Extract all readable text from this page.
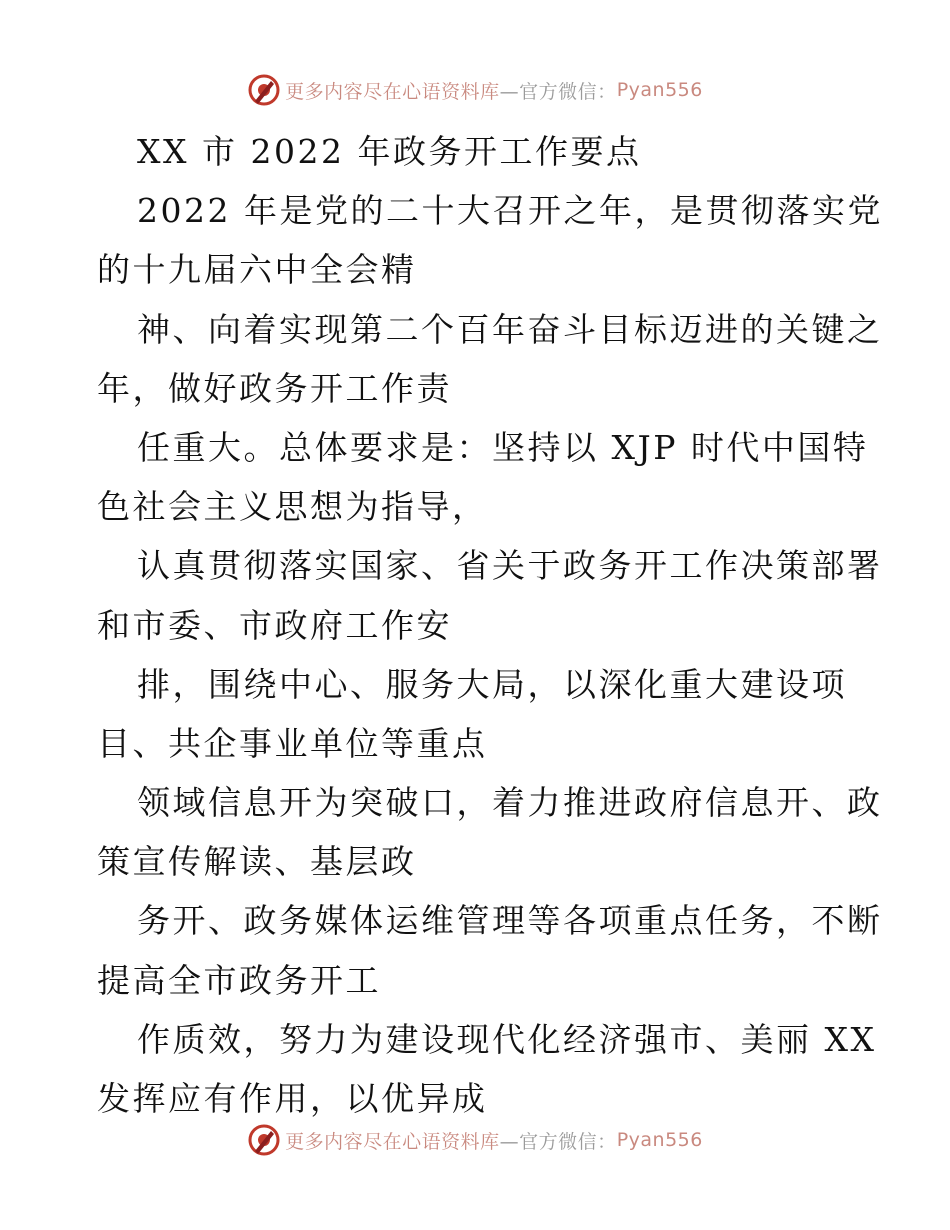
更多内容尽在心语资料库 —官方微信： Pyan556
XX 市 2022 年政务开工作要点
2022 年是党的二十大召开之年，是贯彻落实党
的十九届六中全会精
神、向着实现第二个百年奋斗目标迈进的关键之
年，做好政务开工作责
任重大。总体要求是：坚持以 XJP 时代中国特
色社会主义思想为指导，
认真贯彻落实国家、省关于政务开工作决策部署
和市委、市政府工作安
排，围绕中心、服务大局，以深化重大建设项
目、共企事业单位等重点
领域信息开为突破口，着力推进政府信息开、政
策宣传解读、基层政
务开、政务媒体运维管理等各项重点任务，不断
提高全市政务开工
作质效，努力为建设现代化经济强市、美丽 XX
发挥应有作用，以优异成
更多内容尽在心语资料库 —官方微信： Pyan556
